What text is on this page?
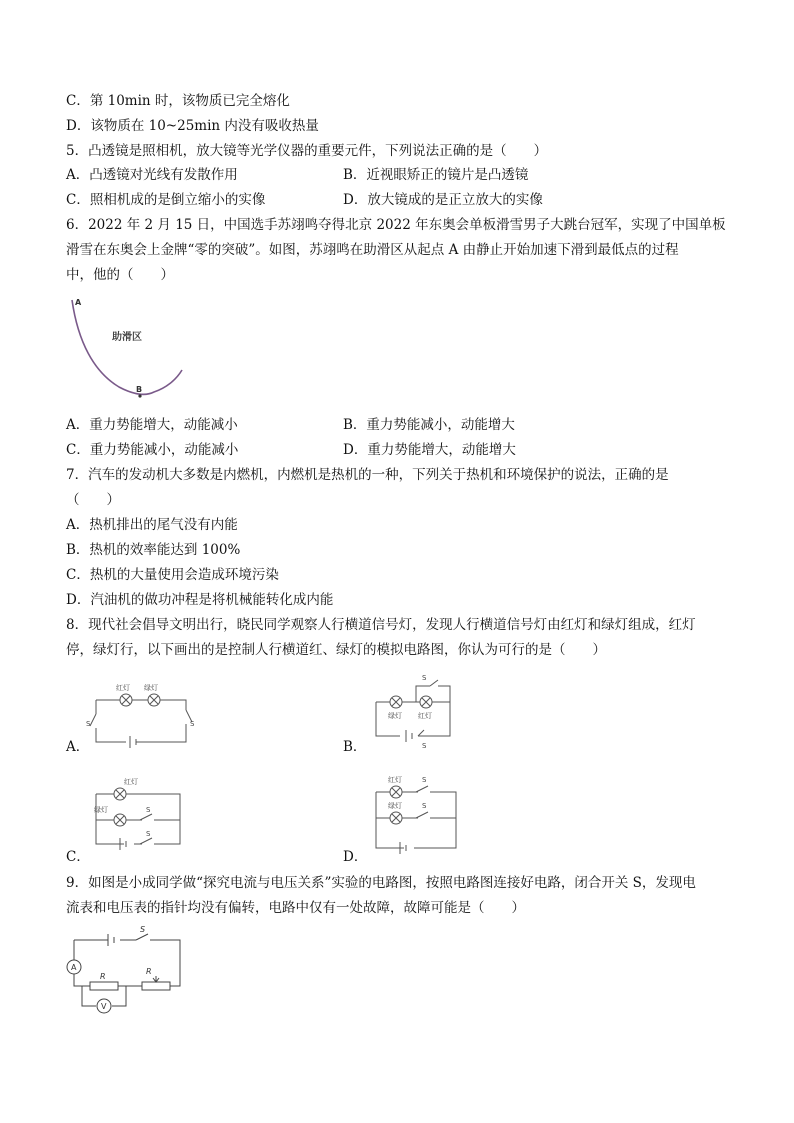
C．第 10min 时，该物质已完全熔化
D．该物质在 10~25min 内没有吸收热量
5．凸透镜是照相机，放大镜等光学仪器的重要元件，下列说法正确的是（　　）
A．凸透镜对光线有发散作用	B．近视眼矫正的镜片是凸透镜
C．照相机成的是倒立缩小的实像	D．放大镜成的是正立放大的实像
6．2022 年 2 月 15 日，中国选手苏翊鸣夺得北京 2022 年东奥会单板滑雪男子大跳台冠军，实现了中国单板
滑雪在东奥会上金牌“零的突破”。如图，苏翊鸣在助滑区从起点 A 由静止开始加速下滑到最低点的过程
中，他的（　　）
A
助滑区
B
A．重力势能增大，动能减小	B．重力势能减小，动能增大
C．重力势能减小，动能减小	D．重力势能增大，动能增大
7．汽车的发动机大多数是内燃机，内燃机是热机的一种，下列关于热机和环境保护的说法，正确的是
（　　）
A．热机排出的尾气没有内能
B．热机的效率能达到 100%
C．热机的大量使用会造成环境污染
D．汽油机的做功冲程是将机械能转化成内能
8．现代社会倡导文明出行，晓民同学观察人行横道信号灯，发现人行横道信号灯由红灯和绿灯组成，红灯
停，绿灯行，以下画出的是控制人行横道红、绿灯的模拟电路图，你认为可行的是（　　）
A．
红灯 绿灯
S	S
B．
S
绿灯 红灯
S
C．
红灯
绿灯	S
S
D．
红灯
绿灯
S
S
9．如图是小成同学做“探究电流与电压关系”实验的电路图，按照电路图连接好电路，闭合开关 S，发现电
流表和电压表的指针均没有偏转，电路中仅有一处故障，故障可能是（　　）
A
V
S
R
R
